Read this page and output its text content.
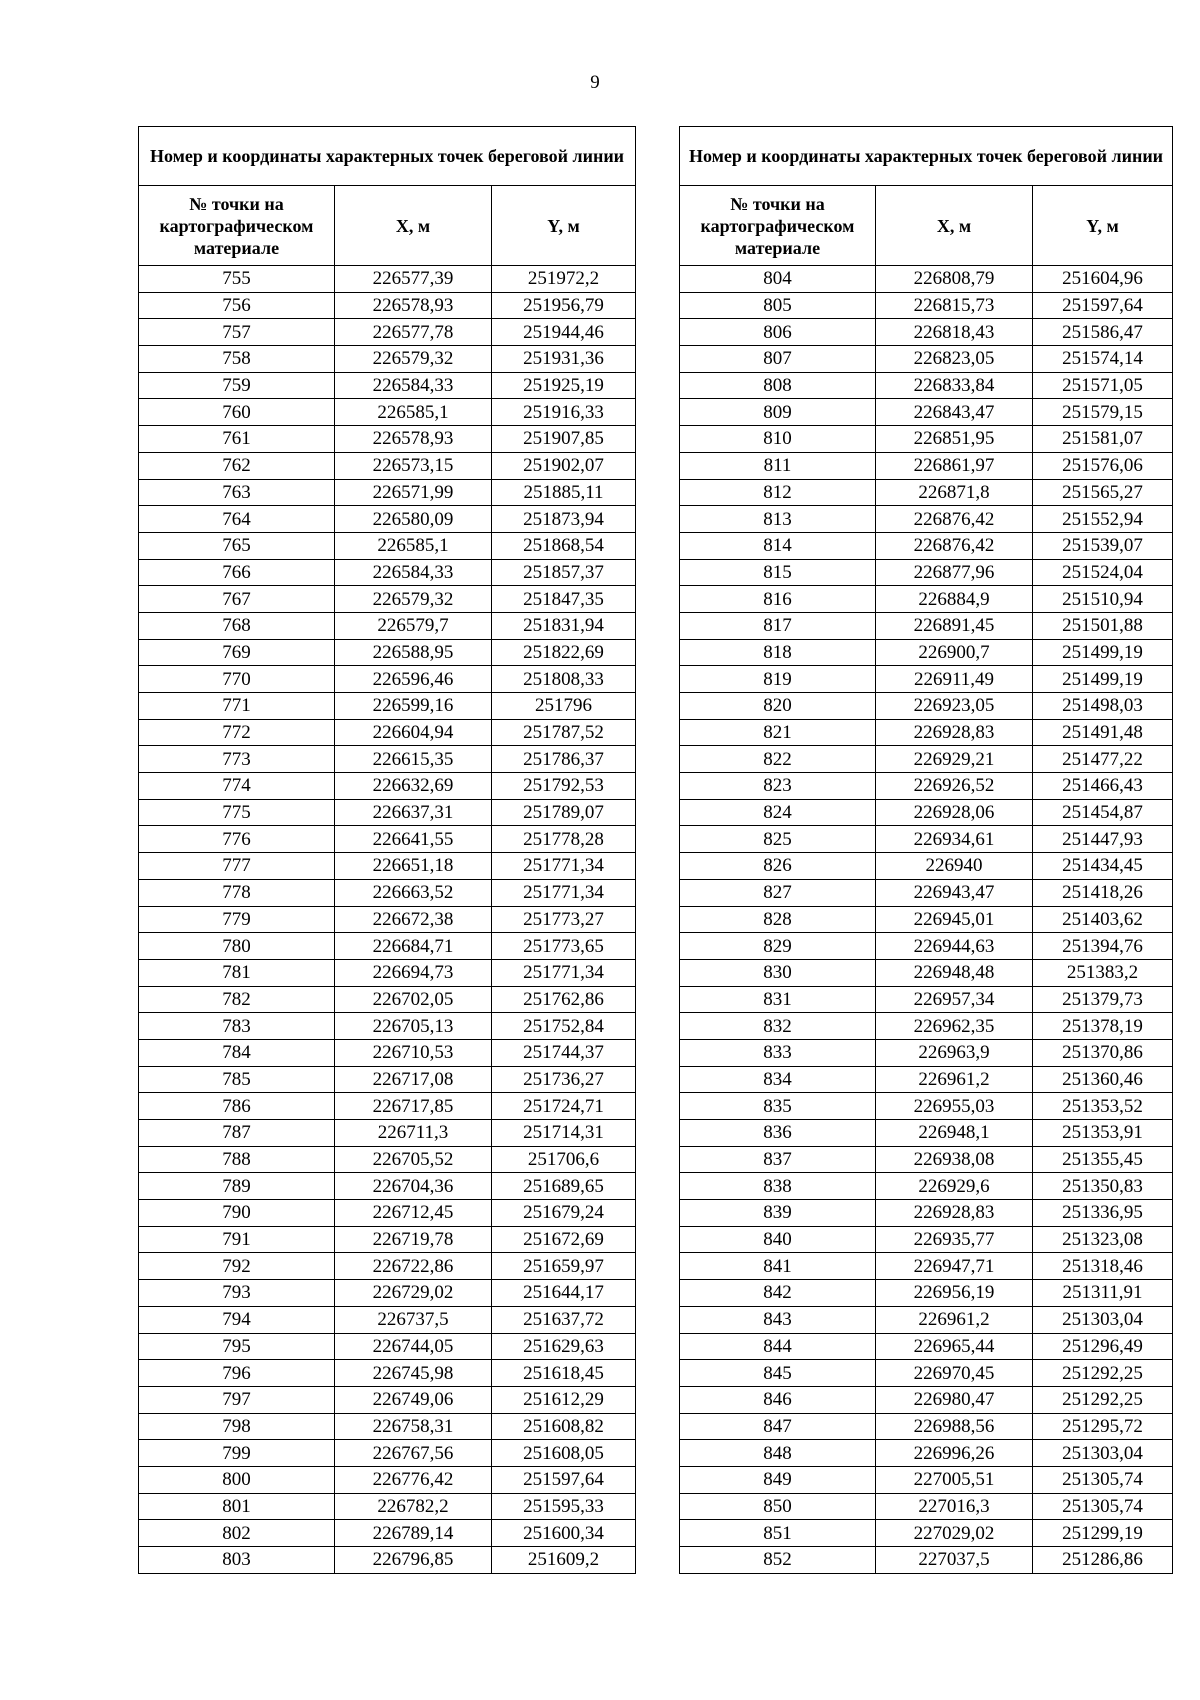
9
Номер и координаты характерных точек береговой линии		
№ точки на картографическом материале	X, м	Y, м
755	226577,39	251972,2
756	226578,93	251956,79
757	226577,78	251944,46
758	226579,32	251931,36
759	226584,33	251925,19
760	226585,1	251916,33
761	226578,93	251907,85
762	226573,15	251902,07
763	226571,99	251885,11
764	226580,09	251873,94
765	226585,1	251868,54
766	226584,33	251857,37
767	226579,32	251847,35
768	226579,7	251831,94
769	226588,95	251822,69
770	226596,46	251808,33
771	226599,16	251796
772	226604,94	251787,52
773	226615,35	251786,37
774	226632,69	251792,53
775	226637,31	251789,07
776	226641,55	251778,28
777	226651,18	251771,34
778	226663,52	251771,34
779	226672,38	251773,27
780	226684,71	251773,65
781	226694,73	251771,34
782	226702,05	251762,86
783	226705,13	251752,84
784	226710,53	251744,37
785	226717,08	251736,27
786	226717,85	251724,71
787	226711,3	251714,31
788	226705,52	251706,6
789	226704,36	251689,65
790	226712,45	251679,24
791	226719,78	251672,69
792	226722,86	251659,97
793	226729,02	251644,17
794	226737,5	251637,72
795	226744,05	251629,63
796	226745,98	251618,45
797	226749,06	251612,29
798	226758,31	251608,82
799	226767,56	251608,05
800	226776,42	251597,64
801	226782,2	251595,33
802	226789,14	251600,34
803	226796,85	251609,2
Номер и координаты характерных точек береговой линии		
№ точки на картографическом материале	X, м	Y, м
804	226808,79	251604,96
805	226815,73	251597,64
806	226818,43	251586,47
807	226823,05	251574,14
808	226833,84	251571,05
809	226843,47	251579,15
810	226851,95	251581,07
811	226861,97	251576,06
812	226871,8	251565,27
813	226876,42	251552,94
814	226876,42	251539,07
815	226877,96	251524,04
816	226884,9	251510,94
817	226891,45	251501,88
818	226900,7	251499,19
819	226911,49	251499,19
820	226923,05	251498,03
821	226928,83	251491,48
822	226929,21	251477,22
823	226926,52	251466,43
824	226928,06	251454,87
825	226934,61	251447,93
826	226940	251434,45
827	226943,47	251418,26
828	226945,01	251403,62
829	226944,63	251394,76
830	226948,48	251383,2
831	226957,34	251379,73
832	226962,35	251378,19
833	226963,9	251370,86
834	226961,2	251360,46
835	226955,03	251353,52
836	226948,1	251353,91
837	226938,08	251355,45
838	226929,6	251350,83
839	226928,83	251336,95
840	226935,77	251323,08
841	226947,71	251318,46
842	226956,19	251311,91
843	226961,2	251303,04
844	226965,44	251296,49
845	226970,45	251292,25
846	226980,47	251292,25
847	226988,56	251295,72
848	226996,26	251303,04
849	227005,51	251305,74
850	227016,3	251305,74
851	227029,02	251299,19
852	227037,5	251286,86
